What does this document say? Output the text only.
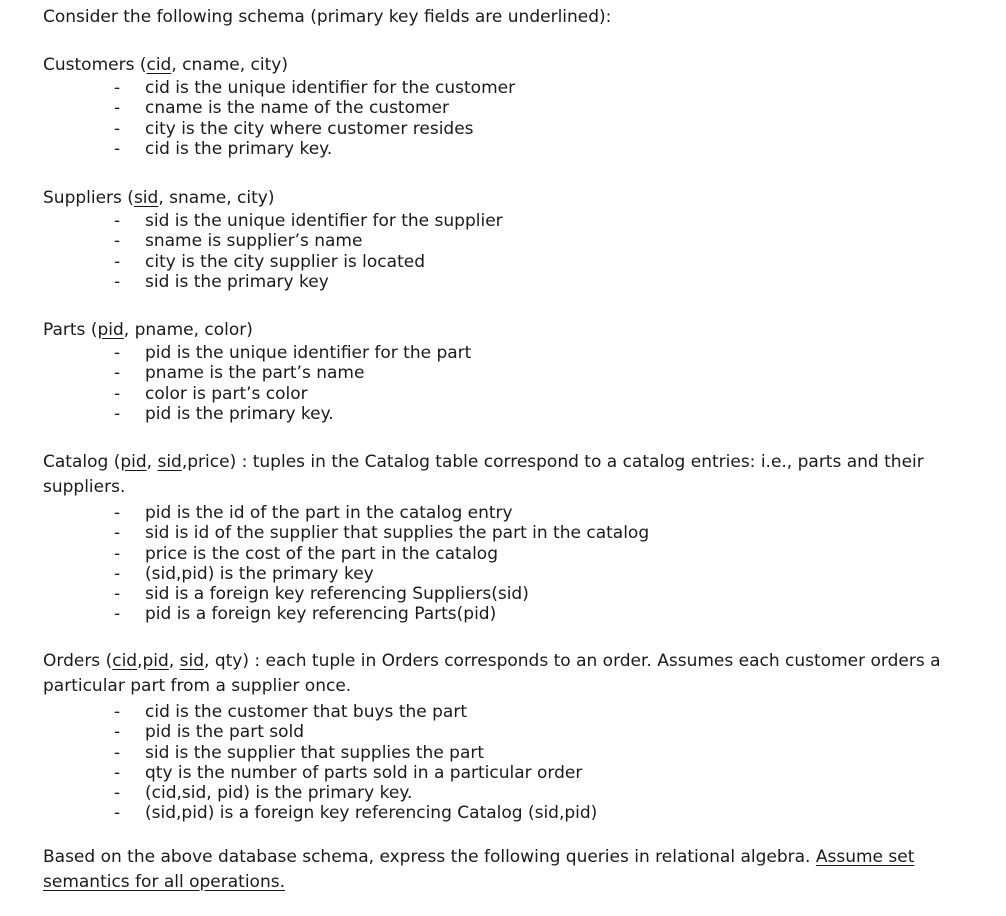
Consider the following schema (primary key fields are underlined):
Customers (cid, cname, city)
- cid is the unique identifier for the customer
- cname is the name of the customer
- city is the city where customer resides
- cid is the primary key.
Suppliers (sid, sname, city)
- sid is the unique identifier for the supplier
- sname is supplier’s name
- city is the city supplier is located
- sid is the primary key
Parts (pid, pname, color)
- pid is the unique identifier for the part
- pname is the part’s name
- color is part’s color
- pid is the primary key.
Catalog (pid, sid,price) : tuples in the Catalog table correspond to a catalog entries: i.e., parts and their suppliers.
- pid is the id of the part in the catalog entry
- sid is id of the supplier that supplies the part in the catalog
- price is the cost of the part in the catalog
- (sid,pid) is the primary key
- sid is a foreign key referencing Suppliers(sid)
- pid is a foreign key referencing Parts(pid)
Orders (cid,pid, sid, qty) : each tuple in Orders corresponds to an order. Assumes each customer orders a particular part from a supplier once.
- cid is the customer that buys the part
- pid is the part sold
- sid is the supplier that supplies the part
- qty is the number of parts sold in a particular order
- (cid,sid, pid) is the primary key.
- (sid,pid) is a foreign key referencing Catalog (sid,pid)
Based on the above database schema, express the following queries in relational algebra. Assume set semantics for all operations.
